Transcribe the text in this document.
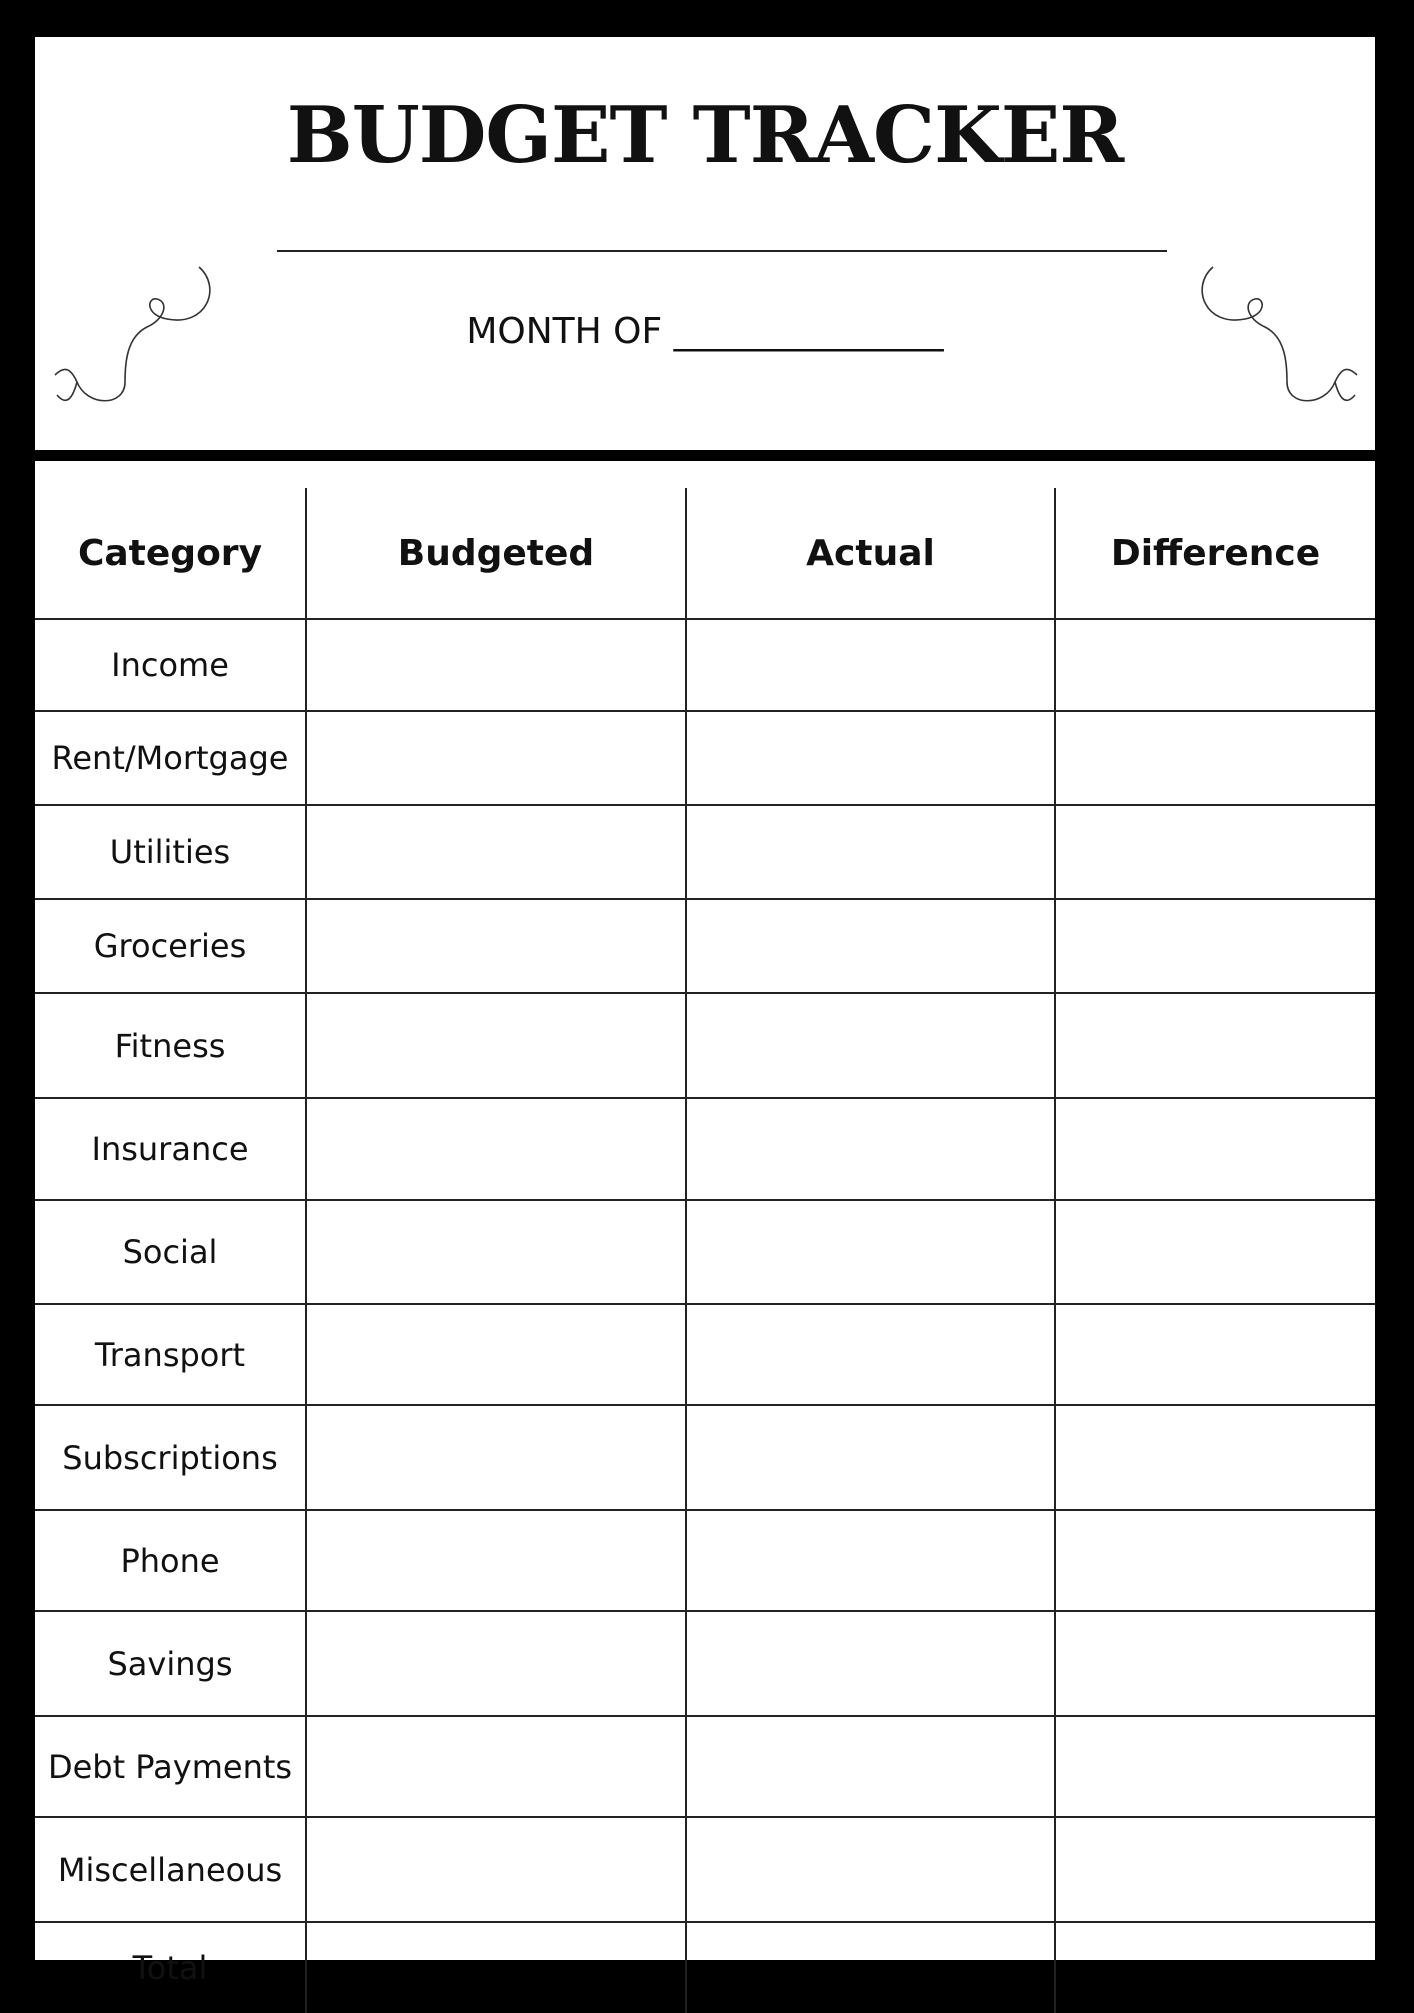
BUDGET TRACKER
MONTH OF _______________

Category	Budgeted	Actual	Difference
Income			
Rent/Mortgage			
Utilities			
Groceries			
Fitness			
Insurance			
Social			
Transport			
Subscriptions			
Phone			
Savings			
Debt Payments			
Miscellaneous			
Total			
